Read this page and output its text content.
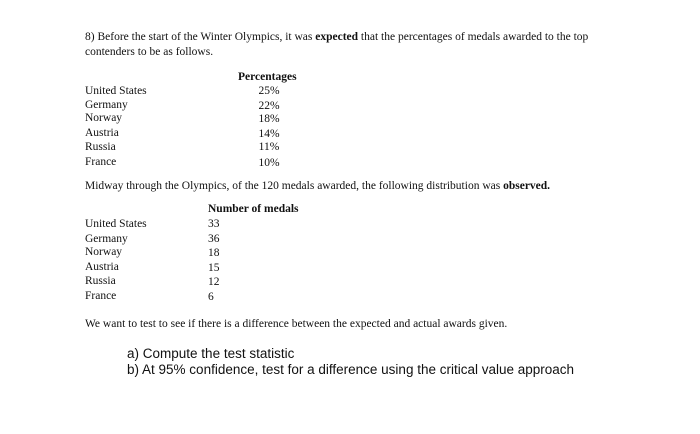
8) Before the start of the Winter Olympics, it was expected that the percentages of medals awarded to the top contenders to be as follows.
Percentages
United States	25%
Germany	22%
Norway	18%
Austria	14%
Russia	11%
France	10%
Midway through the Olympics, of the 120 medals awarded, the following distribution was observed.
Number of medals
United States	33
Germany	36
Norway	18
Austria	15
Russia	12
France	6
We want to test to see if there is a difference between the expected and actual awards given.
a) Compute the test statistic
b) At 95% confidence, test for a difference using the critical value approach
